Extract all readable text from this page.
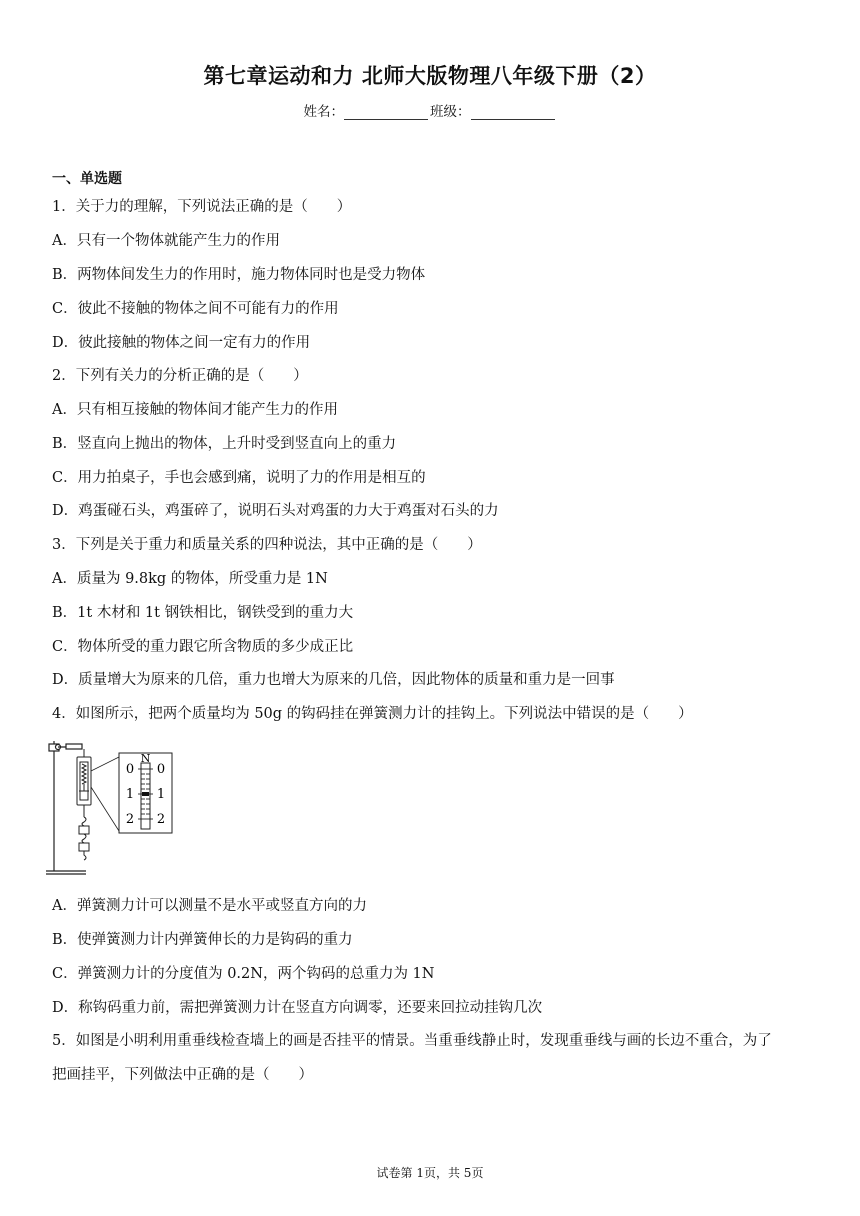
第七章运动和力 北师大版物理八年级下册（2）
姓名：	班级：
一、单选题
1．关于力的理解，下列说法正确的是（　　）
A．只有一个物体就能产生力的作用
B．两物体间发生力的作用时，施力物体同时也是受力物体
C．彼此不接触的物体之间不可能有力的作用
D．彼此接触的物体之间一定有力的作用
2．下列有关力的分析正确的是（　　）
A．只有相互接触的物体间才能产生力的作用
B．竖直向上抛出的物体，上升时受到竖直向上的重力
C．用力拍桌子，手也会感到痛，说明了力的作用是相互的
D．鸡蛋碰石头，鸡蛋碎了，说明石头对鸡蛋的力大于鸡蛋对石头的力
3．下列是关于重力和质量关系的四种说法，其中正确的是（　　）
A．质量为 9.8kg 的物体，所受重力是 1N
B．1t 木材和 1t 钢铁相比，钢铁受到的重力大
C．物体所受的重力跟它所含物质的多少成正比
D．质量增大为原来的几倍，重力也增大为原来的几倍，因此物体的质量和重力是一回事
4．如图所示，把两个质量均为 50g 的钩码挂在弹簧测力计的挂钩上。下列说法中错误的是（　　）
N
0
1
2
0
1
2
A．弹簧测力计可以测量不是水平或竖直方向的力
B．使弹簧测力计内弹簧伸长的力是钩码的重力
C．弹簧测力计的分度值为 0.2N，两个钩码的总重力为 1N
D．称钩码重力前，需把弹簧测力计在竖直方向调零，还要来回拉动挂钩几次
5．如图是小明利用重垂线检查墙上的画是否挂平的情景。当重垂线静止时，发现重垂线与画的长边不重合，为了
把画挂平，下列做法中正确的是（　　）
试卷第 1页，共 5页
